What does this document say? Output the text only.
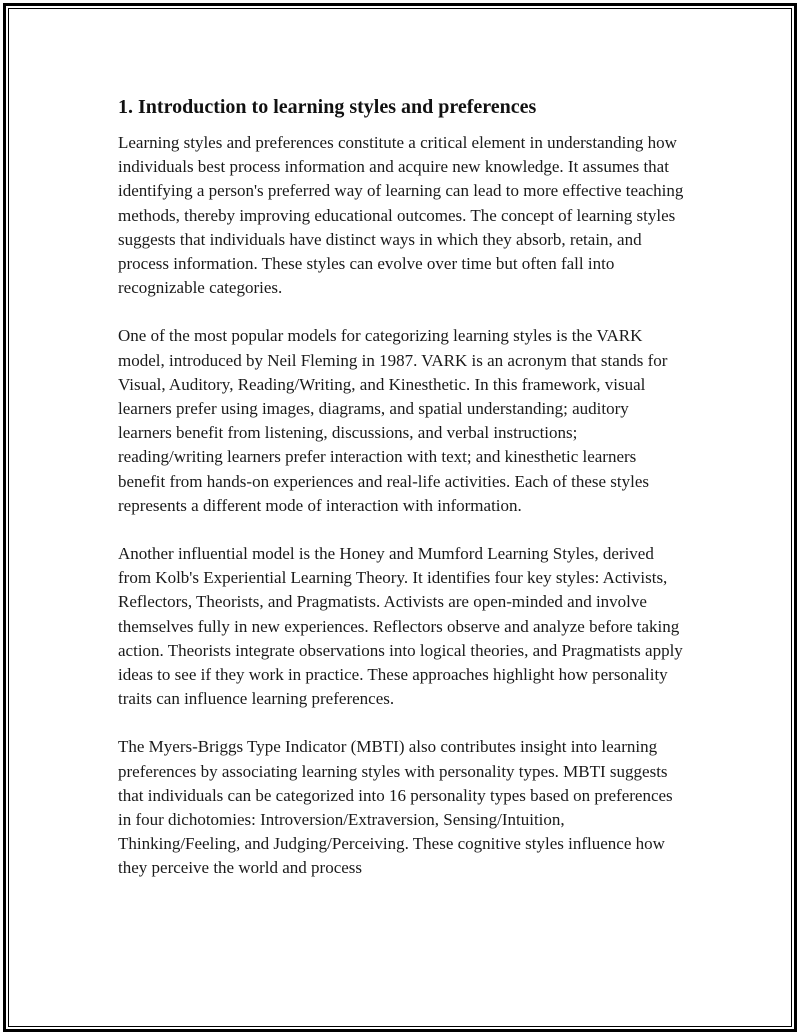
1. Introduction to learning styles and preferences

Learning styles and preferences constitute a critical element in understanding how individuals best process information and acquire new knowledge. It assumes that identifying a person's preferred way of learning can lead to more effective teaching methods, thereby improving educational outcomes. The concept of learning styles suggests that individuals have distinct ways in which they absorb, retain, and process information. These styles can evolve over time but often fall into recognizable categories.

One of the most popular models for categorizing learning styles is the VARK model, introduced by Neil Fleming in 1987. VARK is an acronym that stands for Visual, Auditory, Reading/Writing, and Kinesthetic. In this framework, visual learners prefer using images, diagrams, and spatial understanding; auditory learners benefit from listening, discussions, and verbal instructions; reading/writing learners prefer interaction with text; and kinesthetic learners benefit from hands-on experiences and real-life activities. Each of these styles represents a different mode of interaction with information.

Another influential model is the Honey and Mumford Learning Styles, derived from Kolb's Experiential Learning Theory. It identifies four key styles: Activists, Reflectors, Theorists, and Pragmatists. Activists are open-minded and involve themselves fully in new experiences. Reflectors observe and analyze before taking action. Theorists integrate observations into logical theories, and Pragmatists apply ideas to see if they work in practice. These approaches highlight how personality traits can influence learning preferences.

The Myers-Briggs Type Indicator (MBTI) also contributes insight into learning preferences by associating learning styles with personality types. MBTI suggests that individuals can be categorized into 16 personality types based on preferences in four dichotomies: Introversion/Extraversion, Sensing/Intuition, Thinking/Feeling, and Judging/Perceiving. These cognitive styles influence how they perceive the world and process
